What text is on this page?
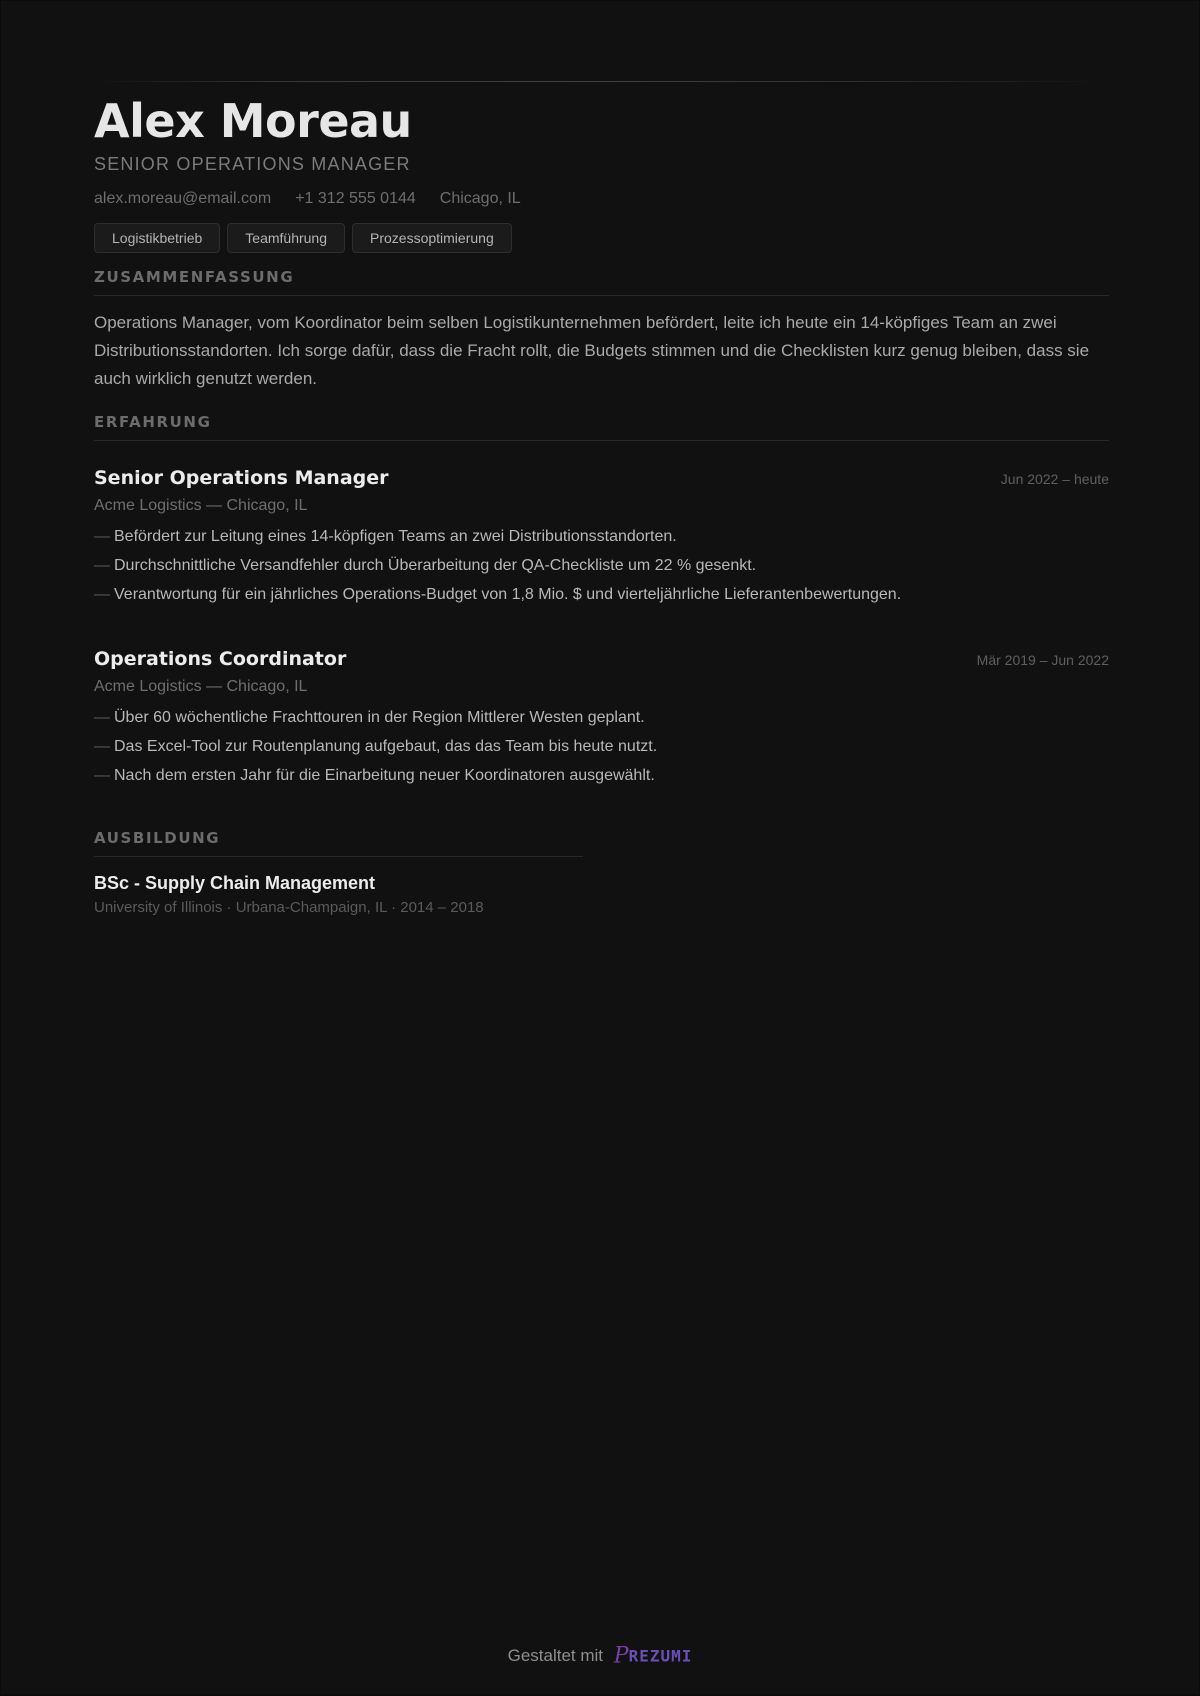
Alex Moreau
SENIOR OPERATIONS MANAGER
alex.moreau@email.com +1 312 555 0144 Chicago, IL
Logistikbetrieb	Teamführung	Prozessoptimierung
ZUSAMMENFASSUNG
Operations Manager, vom Koordinator beim selben Logistikunternehmen befördert, leite ich heute ein 14-köpfiges Team an zwei Distributionsstandorten. Ich sorge dafür, dass die Fracht rollt, die Budgets stimmen und die Checklisten kurz genug bleiben, dass sie auch wirklich genutzt werden.
ERFAHRUNG
Senior Operations Manager	Jun 2022 – heute
Acme Logistics — Chicago, IL
— Befördert zur Leitung eines 14-köpfigen Teams an zwei Distributionsstandorten.
— Durchschnittliche Versandfehler durch Überarbeitung der QA-Checkliste um 22 % gesenkt.
— Verantwortung für ein jährliches Operations-Budget von 1,8 Mio. $ und vierteljährliche Lieferantenbewertungen.
Operations Coordinator	Mär 2019 – Jun 2022
Acme Logistics — Chicago, IL
— Über 60 wöchentliche Frachttouren in der Region Mittlerer Westen geplant.
— Das Excel-Tool zur Routenplanung aufgebaut, das das Team bis heute nutzt.
— Nach dem ersten Jahr für die Einarbeitung neuer Koordinatoren ausgewählt.
AUSBILDUNG
BSc - Supply Chain Management
University of Illinois · Urbana-Champaign, IL · 2014 – 2018
Gestaltet mit PREZUMI
